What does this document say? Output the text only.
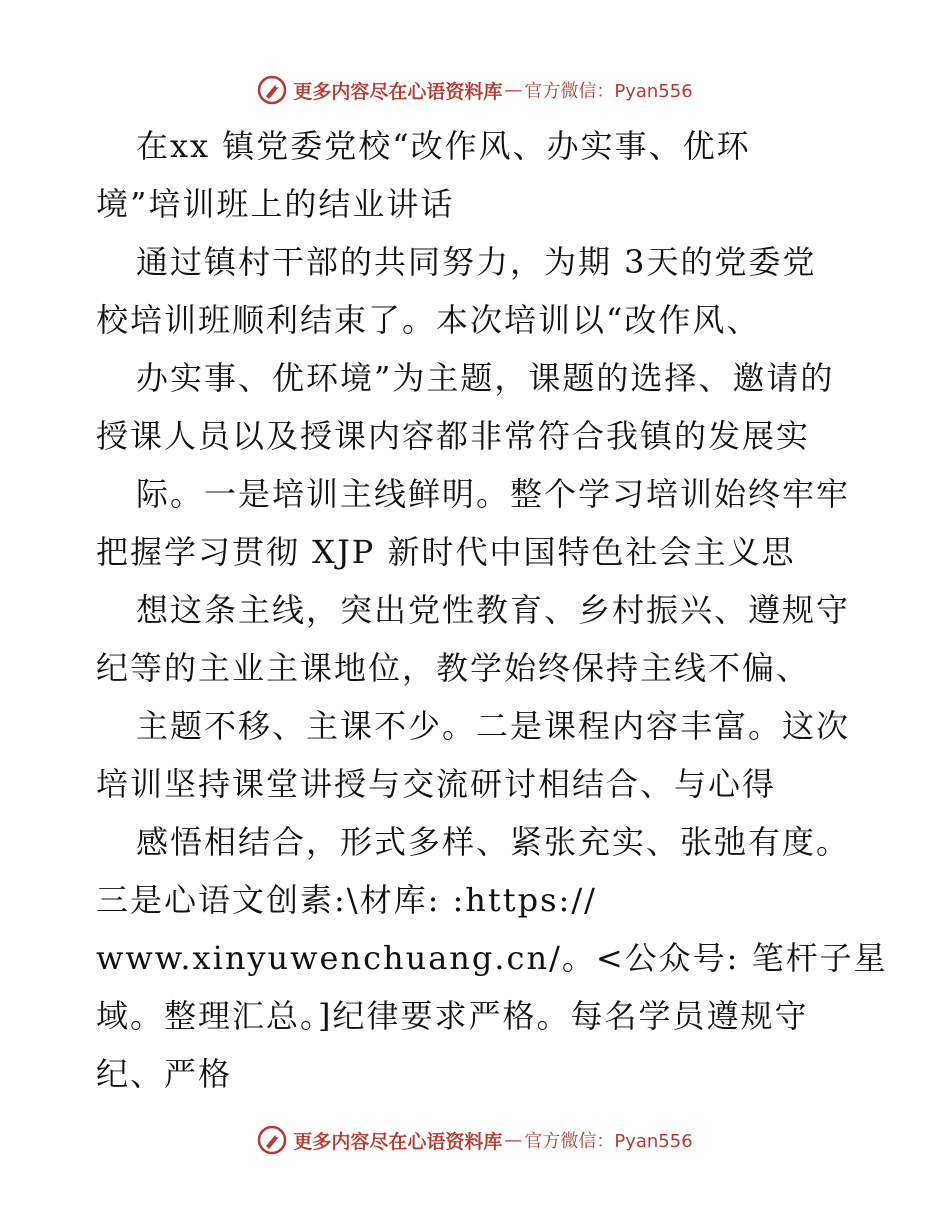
更多内容尽在心语资料库 — 官方微信：Pyan556
在xx 镇党委党校“改作风、办实事、优环
境”培训班上的结业讲话
通过镇村干部的共同努力，为期 3天的党委党
校培训班顺利结束了。本次培训以“改作风、
办实事、优环境”为主题，课题的选择、邀请的
授课人员以及授课内容都非常符合我镇的发展实
际。一是培训主线鲜明。整个学习培训始终牢牢
把握学习贯彻 XJP 新时代中国特色社会主义思
想这条主线，突出党性教育、乡村振兴、遵规守
纪等的主业主课地位，教学始终保持主线不偏、
主题不移、主课不少。二是课程内容丰富。这次
培训坚持课堂讲授与交流研讨相结合、与心得
感悟相结合，形式多样、紧张充实、张弛有度。
三是心语文创素:\材库: :https://
www.xinyuwenchuang.cn/。<公众号: 笔杆子星
域。整理汇总。]纪律要求严格。每名学员遵规守
纪、严格
更多内容尽在心语资料库 — 官方微信：Pyan556
